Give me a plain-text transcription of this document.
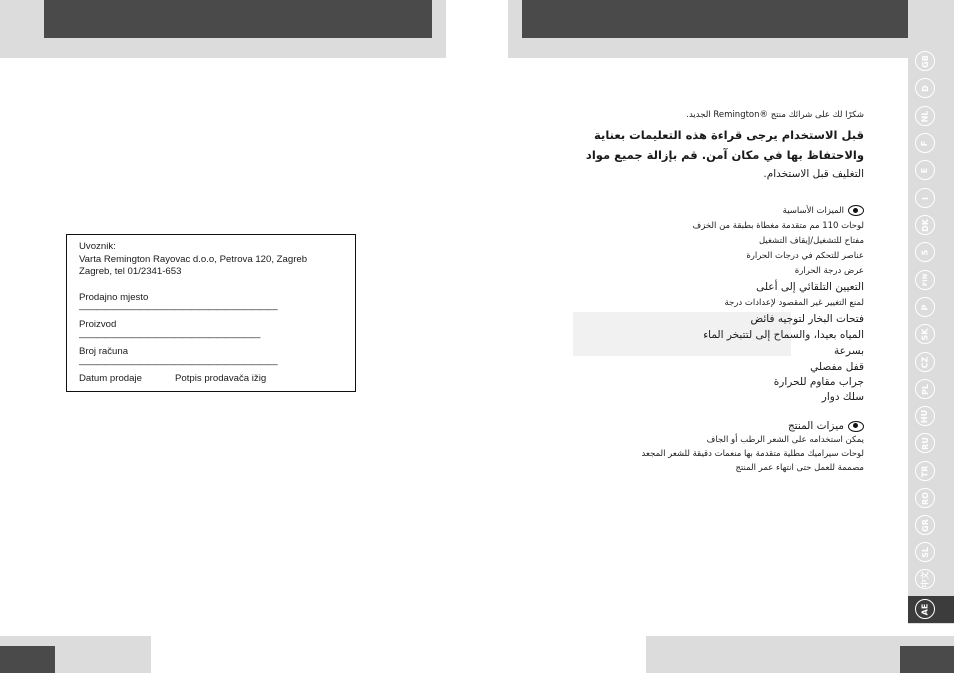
Uvoznik:
Varta Remington Rayovac d.o.o, Petrova 120, Zagreb
Zagreb, tel 01/2341-653
Prodajno mjesto
———————————————————————
Proizvod
—————————————————————
Broj računa
———————————————————————
Datum prodaje	Potpis prodavača ižig
شكرًا لك على شرائك منتج ®Remington الجديد.
قبل الاستخدام يرجى قراءة هذه التعليمات بعناية
والاحتفاظ بها في مكان آمن. قم بإزالة جميع مواد
التغليف قبل الاستخدام.
الميزات الأساسية
لوحات 110 مم متقدمة مغطاة بطبقة من الخزف
مفتاح للتشغيل/إيقاف التشغيل
عناصر للتحكم في درجات الحرارة
عرض درجة الحرارة
التعيين التلقائي إلى أعلى
لمنع التغيير غير المقصود لإعدادات درجة
فتحات البخار لتوجيه فائض
المياه بعيدا، والسماح إلى لتتبخر الماء
بسرعة
قفل مفصلي
جراب مقاوم للحرارة
سلك دوار
ميزات المنتج
يمكن استخدامه على الشعر الرطب أو الجاف
لوحات سيراميك مطلية متقدمة بها منعمات دقيقة للشعر المجعد
مصممة للعمل حتى انتهاء عمر المنتج
GB
D
NL
F
E
I
DK
S
FIN
P
SK
CZ
PL
HU
RU
TR
RO
GR
SL
中文
AE
